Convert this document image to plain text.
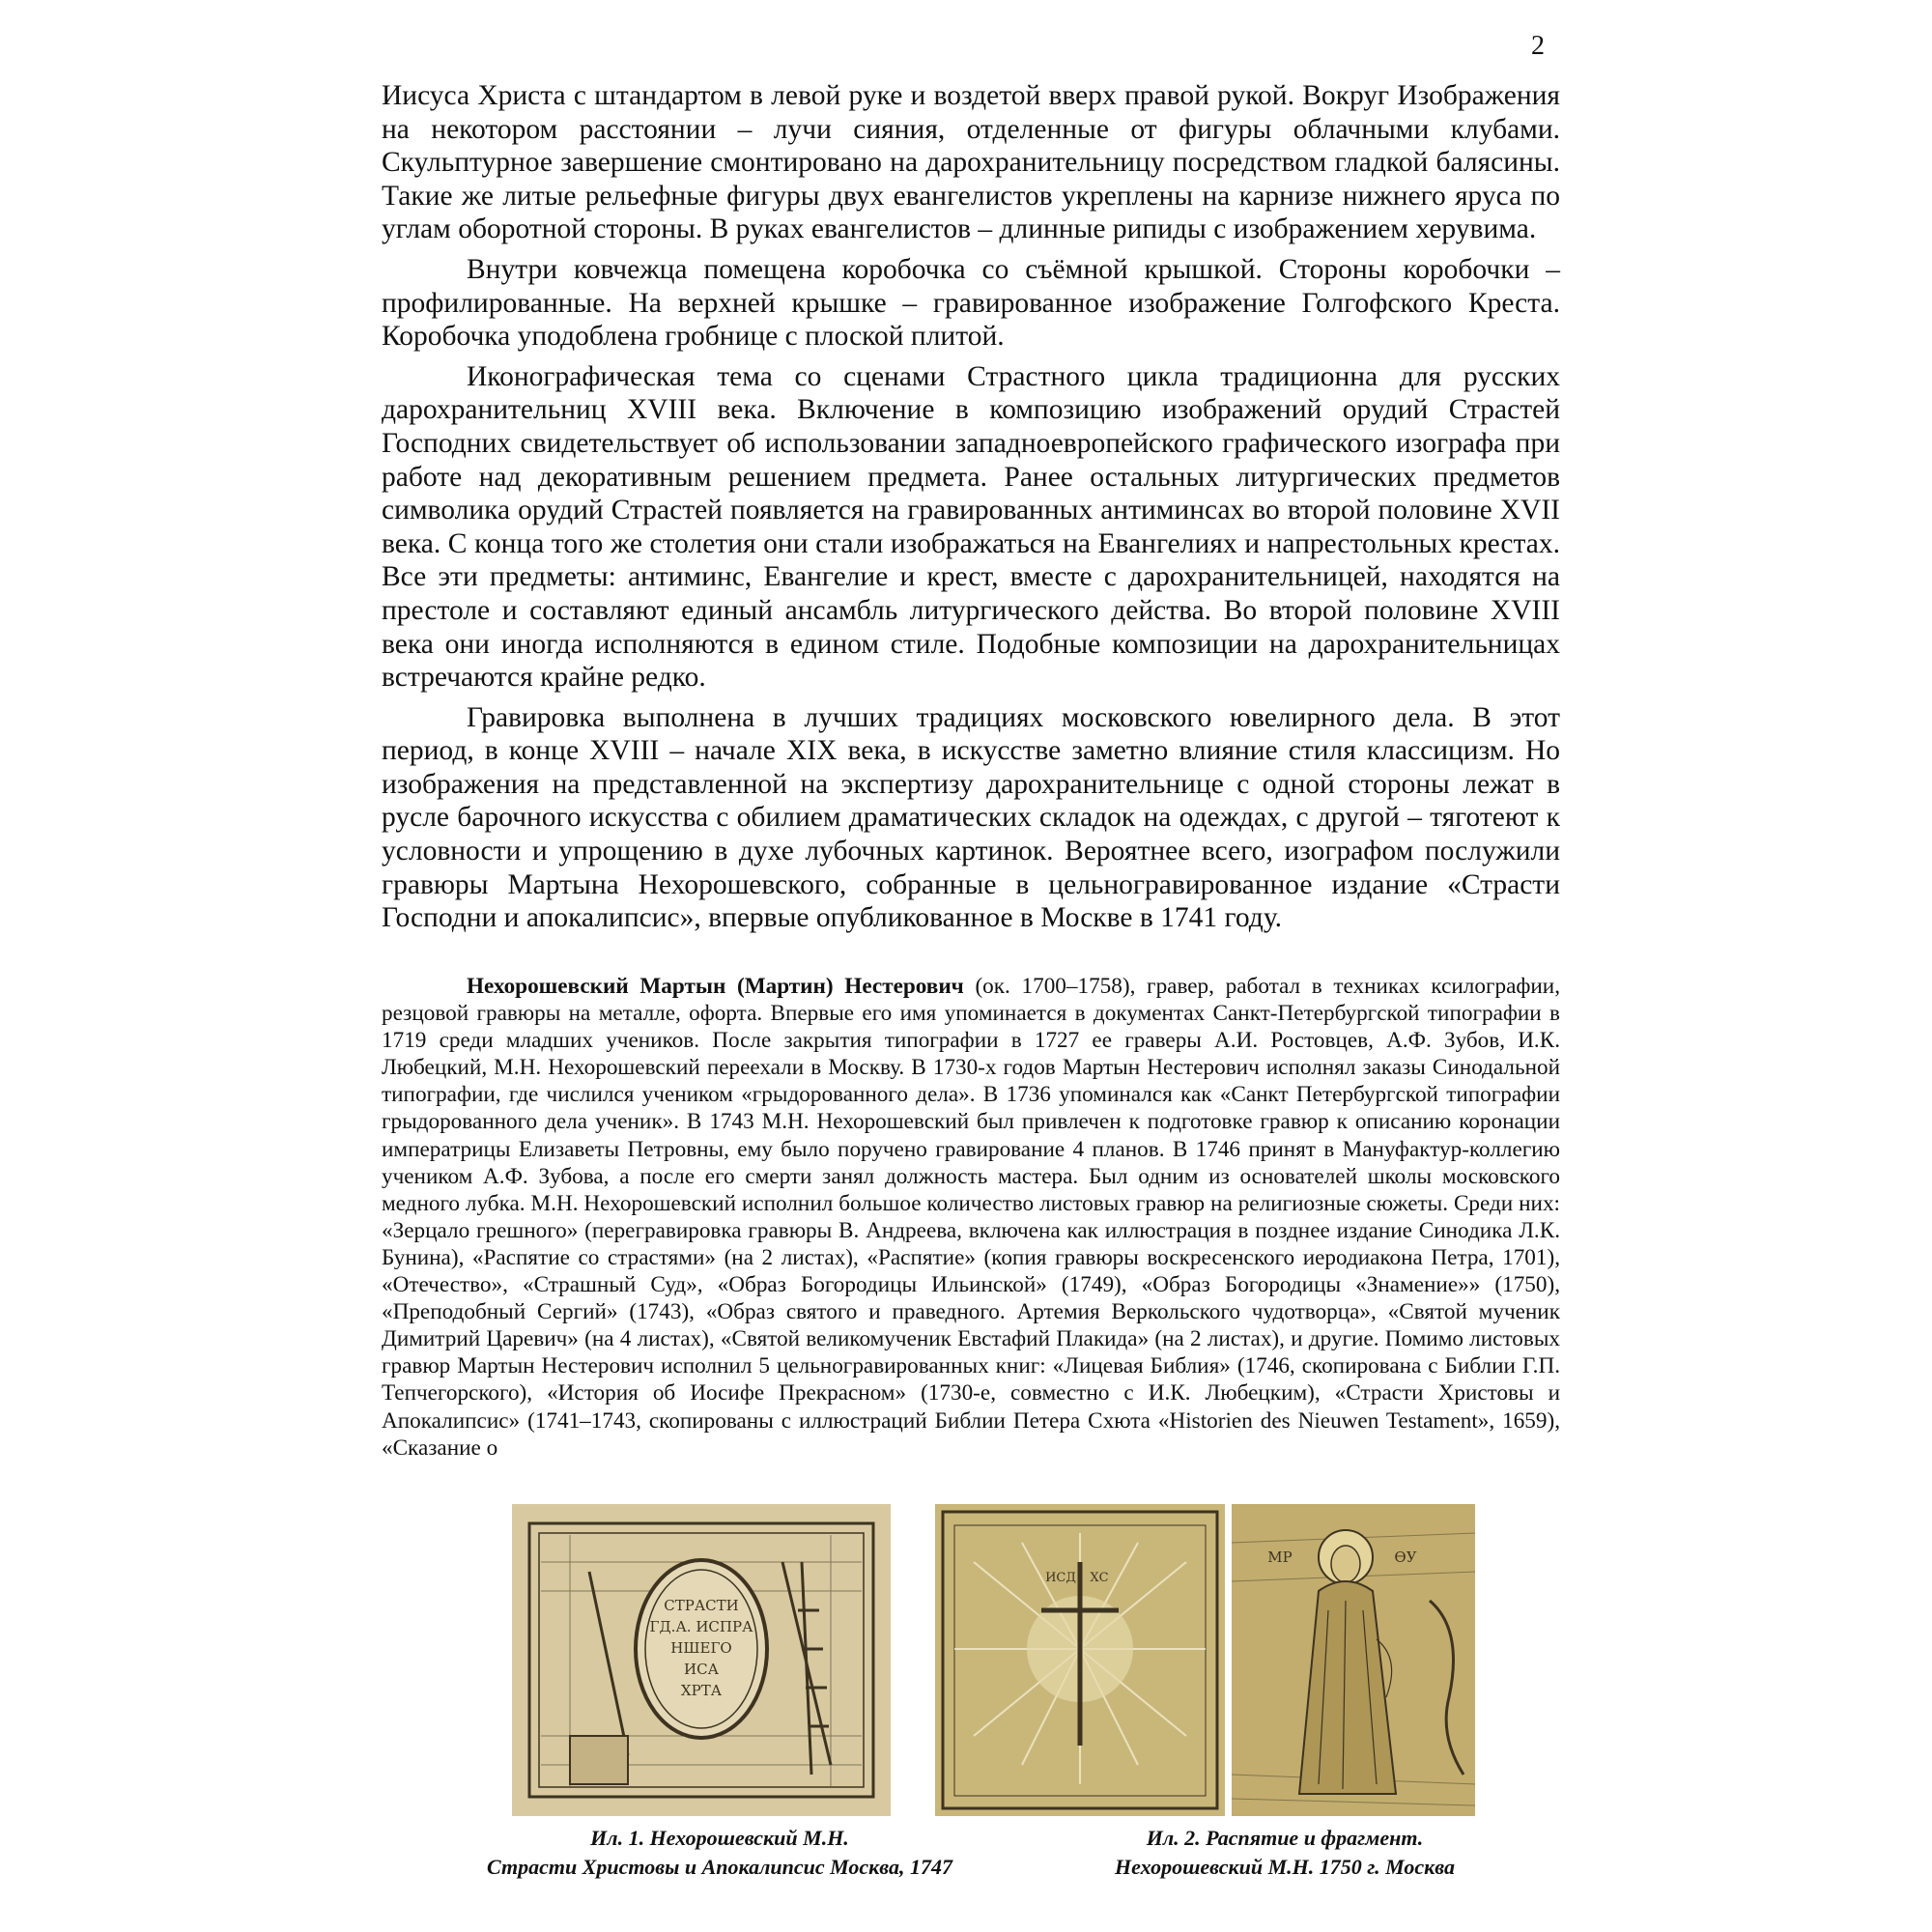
2

Иисуса Христа с штандартом в левой руке и воздетой вверх правой рукой. Вокруг Изображения на некотором расстоянии – лучи сияния, отделенные от фигуры облачными клубами. Скульптурное завершение смонтировано на дарохранительницу посредством гладкой балясины. Такие же литые рельефные фигуры двух евангелистов укреплены на карнизе нижнего яруса по углам оборотной стороны. В руках евангелистов – длинные рипиды с изображением херувима.

Внутри ковчежца помещена коробочка со съёмной крышкой. Стороны коробочки – профилированные. На верхней крышке – гравированное изображение Голгофского Креста. Коробочка уподоблена гробнице с плоской плитой.

Иконографическая тема со сценами Страстного цикла традиционна для русских дарохранительниц XVIII века. Включение в композицию изображений орудий Страстей Господних свидетельствует об использовании западноевропейского графического изографа при работе над декоративным решением предмета. Ранее остальных литургических предметов символика орудий Страстей появляется на гравированных антиминсах во второй половине XVII века. С конца того же столетия они стали изображаться на Евангелиях и напрестольных крестах. Все эти предметы: антиминс, Евангелие и крест, вместе с дарохранительницей, находятся на престоле и составляют единый ансамбль литургического действа. Во второй половине XVIII века они иногда исполняются в едином стиле. Подобные композиции на дарохранительницах встречаются крайне редко.

Гравировка выполнена в лучших традициях московского ювелирного дела. В этот период, в конце XVIII – начале XIX века, в искусстве заметно влияние стиля классицизм. Но изображения на представленной на экспертизу дарохранительнице с одной стороны лежат в русле барочного искусства с обилием драматических складок на одеждах, с другой – тяготеют к условности и упрощению в духе лубочных картинок. Вероятнее всего, изографом послужили гравюры Мартына Нехорошевского, собранные в цельногравированное издание «Страсти Господни и апокалипсис», впервые опубликованное в Москве в 1741 году.

Нехорошевский Мартын (Мартин) Нестерович (ок. 1700–1758), гравер, работал в техниках ксилографии, резцовой гравюры на металле, офорта. Впервые его имя упоминается в документах Санкт-Петербургской типографии в 1719 среди младших учеников. После закрытия типографии в 1727 ее граверы А.И. Ростовцев, А.Ф. Зубов, И.К. Любецкий, М.Н. Нехорошевский переехали в Москву. В 1730-х годов Мартын Нестерович исполнял заказы Синодальной типографии, где числился учеником «грыдорованного дела». В 1736 упоминался как «Санкт Петербургской типографии грыдорованного дела ученик». В 1743 М.Н. Нехорошевский был привлечен к подготовке гравюр к описанию коронации императрицы Елизаветы Петровны, ему было поручено гравирование 4 планов. В 1746 принят в Мануфактур-коллегию учеником А.Ф. Зубова, а после его смерти занял должность мастера. Был одним из основателей школы московского медного лубка. М.Н. Нехорошевский исполнил большое количество листовых гравюр на религиозные сюжеты. Среди них: «Зерцало грешного» (перегравировка гравюры В. Андреева, включена как иллюстрация в позднее издание Синодика Л.К. Бунина), «Распятие со страстями» (на 2 листах), «Распятие» (копия гравюры воскресенского иеродиакона Петра, 1701), «Отечество», «Страшный Суд», «Образ Богородицы Ильинской» (1749), «Образ Богородицы «Знамение»» (1750), «Преподобный Сергий» (1743), «Образ святого и праведного. Артемия Веркольского чудотворца», «Святой мученик Димитрий Царевич» (на 4 листах), «Святой великомученик Евстафий Плакида» (на 2 листах), и другие. Помимо листовых гравюр Мартын Нестерович исполнил 5 цельногравированных книг: «Лицевая Библия» (1746, скопирована с Библии Г.П. Тепчегорского), «История об Иосифе Прекрасном» (1730-е, совместно с И.К. Любецким), «Страсти Христовы и Апокалипсис» (1741–1743, скопированы с иллюстраций Библии Петера Схюта «Historien des Nieuwen Testament», 1659), «Сказание о

СТРАСТИ
ГД.А. ИСПРА
НШЕГО
ИСА
ХРТА
ИСД ХС
МР	ѲУ
Ил. 1. Нехорошевский М.Н.
Страсти Христовы и Апокалипсис Москва, 1747
Ил. 2. Распятие и фрагмент.
Нехорошевский М.Н. 1750 г. Москва
